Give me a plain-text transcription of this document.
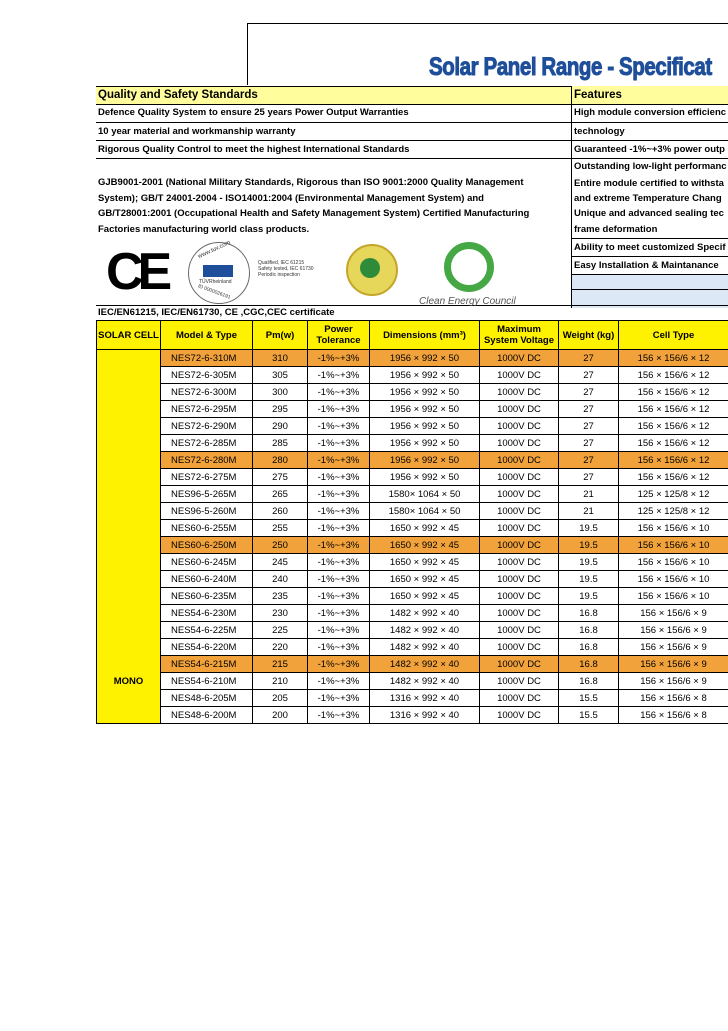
Solar Panel Range - Specificat
Quality and Safety Standards
Defence Quality System to ensure 25 years Power Output Warranties
10 year material and workmanship warranty
Rigorous Quality Control to meet the highest International Standards
GJB9001-2001 (National Military Standards, Rigorous than ISO 9001:2000 Quality Management System); GB/T 24001-2004 - ISO14001:2004 (Environmental Management System) and GB/T28001:2001 (Occupational Health and Safety Management System) Certified Manufacturing Factories manufacturing world class products.
Features
High module conversion efficienc
technology
Guaranteed -1%~+3% power outp
Outstanding low-light performanc
Entire module certified to withsta
and extreme Temperature Chang
Unique and advanced sealing tec
frame deformation
Ability to meet customized Specif
Easy Installation & Maintanance
CE	www.tuv.com
TÜVRheinland
ID 0000026191
Qualified, IEC 61215
Safety tested, IEC 61730
Periodic inspection
Clean Energy Council
IEC/EN61215, IEC/EN61730, CE ,CGC,CEC certificate
SOLAR CELL	Model & Type	Pm(w)	Power Tolerance	Dimensions (mm³)	Maximum System Voltage	Weight (kg)	Cell Type
MONO	NES72-6-310M	310	-1%~+3%	1956 × 992 × 50	1000V DC	27	156 × 156/6 × 12
	NES72-6-305M	305	-1%~+3%	1956 × 992 × 50	1000V DC	27	156 × 156/6 × 12
	NES72-6-300M	300	-1%~+3%	1956 × 992 × 50	1000V DC	27	156 × 156/6 × 12
	NES72-6-295M	295	-1%~+3%	1956 × 992 × 50	1000V DC	27	156 × 156/6 × 12
	NES72-6-290M	290	-1%~+3%	1956 × 992 × 50	1000V DC	27	156 × 156/6 × 12
	NES72-6-285M	285	-1%~+3%	1956 × 992 × 50	1000V DC	27	156 × 156/6 × 12
	NES72-6-280M	280	-1%~+3%	1956 × 992 × 50	1000V DC	27	156 × 156/6 × 12
	NES72-6-275M	275	-1%~+3%	1956 × 992 × 50	1000V DC	27	156 × 156/6 × 12
	NES96-5-265M	265	-1%~+3%	1580× 1064 × 50	1000V DC	21	125 × 125/8 × 12
	NES96-5-260M	260	-1%~+3%	1580× 1064 × 50	1000V DC	21	125 × 125/8 × 12
	NES60-6-255M	255	-1%~+3%	1650 × 992 × 45	1000V DC	19.5	156 × 156/6 × 10
	NES60-6-250M	250	-1%~+3%	1650 × 992 × 45	1000V DC	19.5	156 × 156/6 × 10
	NES60-6-245M	245	-1%~+3%	1650 × 992 × 45	1000V DC	19.5	156 × 156/6 × 10
	NES60-6-240M	240	-1%~+3%	1650 × 992 × 45	1000V DC	19.5	156 × 156/6 × 10
	NES60-6-235M	235	-1%~+3%	1650 × 992 × 45	1000V DC	19.5	156 × 156/6 × 10
	NES54-6-230M	230	-1%~+3%	1482 × 992 × 40	1000V DC	16.8	156 × 156/6 × 9
	NES54-6-225M	225	-1%~+3%	1482 × 992 × 40	1000V DC	16.8	156 × 156/6 × 9
	NES54-6-220M	220	-1%~+3%	1482 × 992 × 40	1000V DC	16.8	156 × 156/6 × 9
	NES54-6-215M	215	-1%~+3%	1482 × 992 × 40	1000V DC	16.8	156 × 156/6 × 9
	NES54-6-210M	210	-1%~+3%	1482 × 992 × 40	1000V DC	16.8	156 × 156/6 × 9
	NES48-6-205M	205	-1%~+3%	1316 × 992 × 40	1000V DC	15.5	156 × 156/6 × 8
	NES48-6-200M	200	-1%~+3%	1316 × 992 × 40	1000V DC	15.5	156 × 156/6 × 8
